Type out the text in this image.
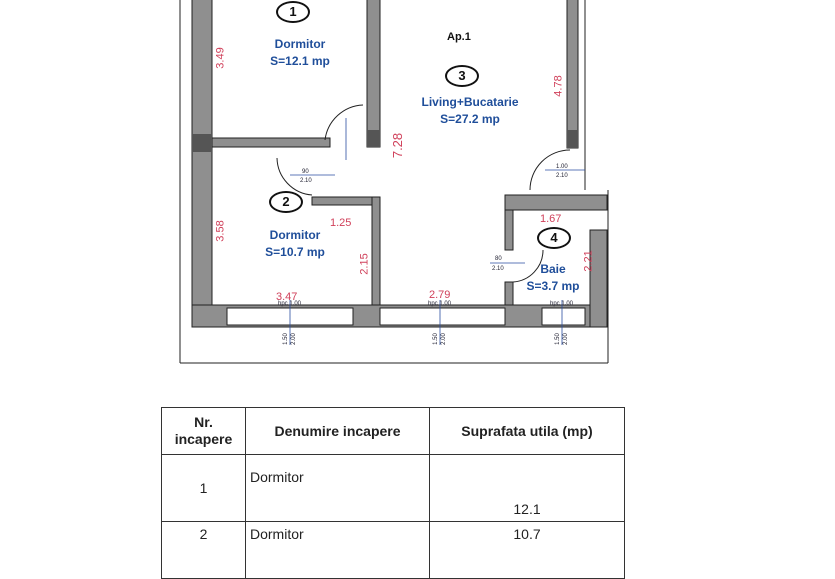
1
Dormitor
S=12.1 mp
2
Dormitor
S=10.7 mp
Ap.1
3
Living+Bucatarie
S=27.2 mp
4
Baie
S=3.7 mp
3.49
3.58
7.28
4.78
1.25
2.15
3.47	2.79
1.67
2.21
90
2.10
1.00
2.10
80
2.10
hpc 1.00	hpc 1.00	hpc 1.00
1.50	1.50	1.50
2.00	2.00	2.00
Nr. incapere	Denumire incapere	Suprafata utila (mp)
1	Dormitor	12.1
2	Dormitor	10.7
